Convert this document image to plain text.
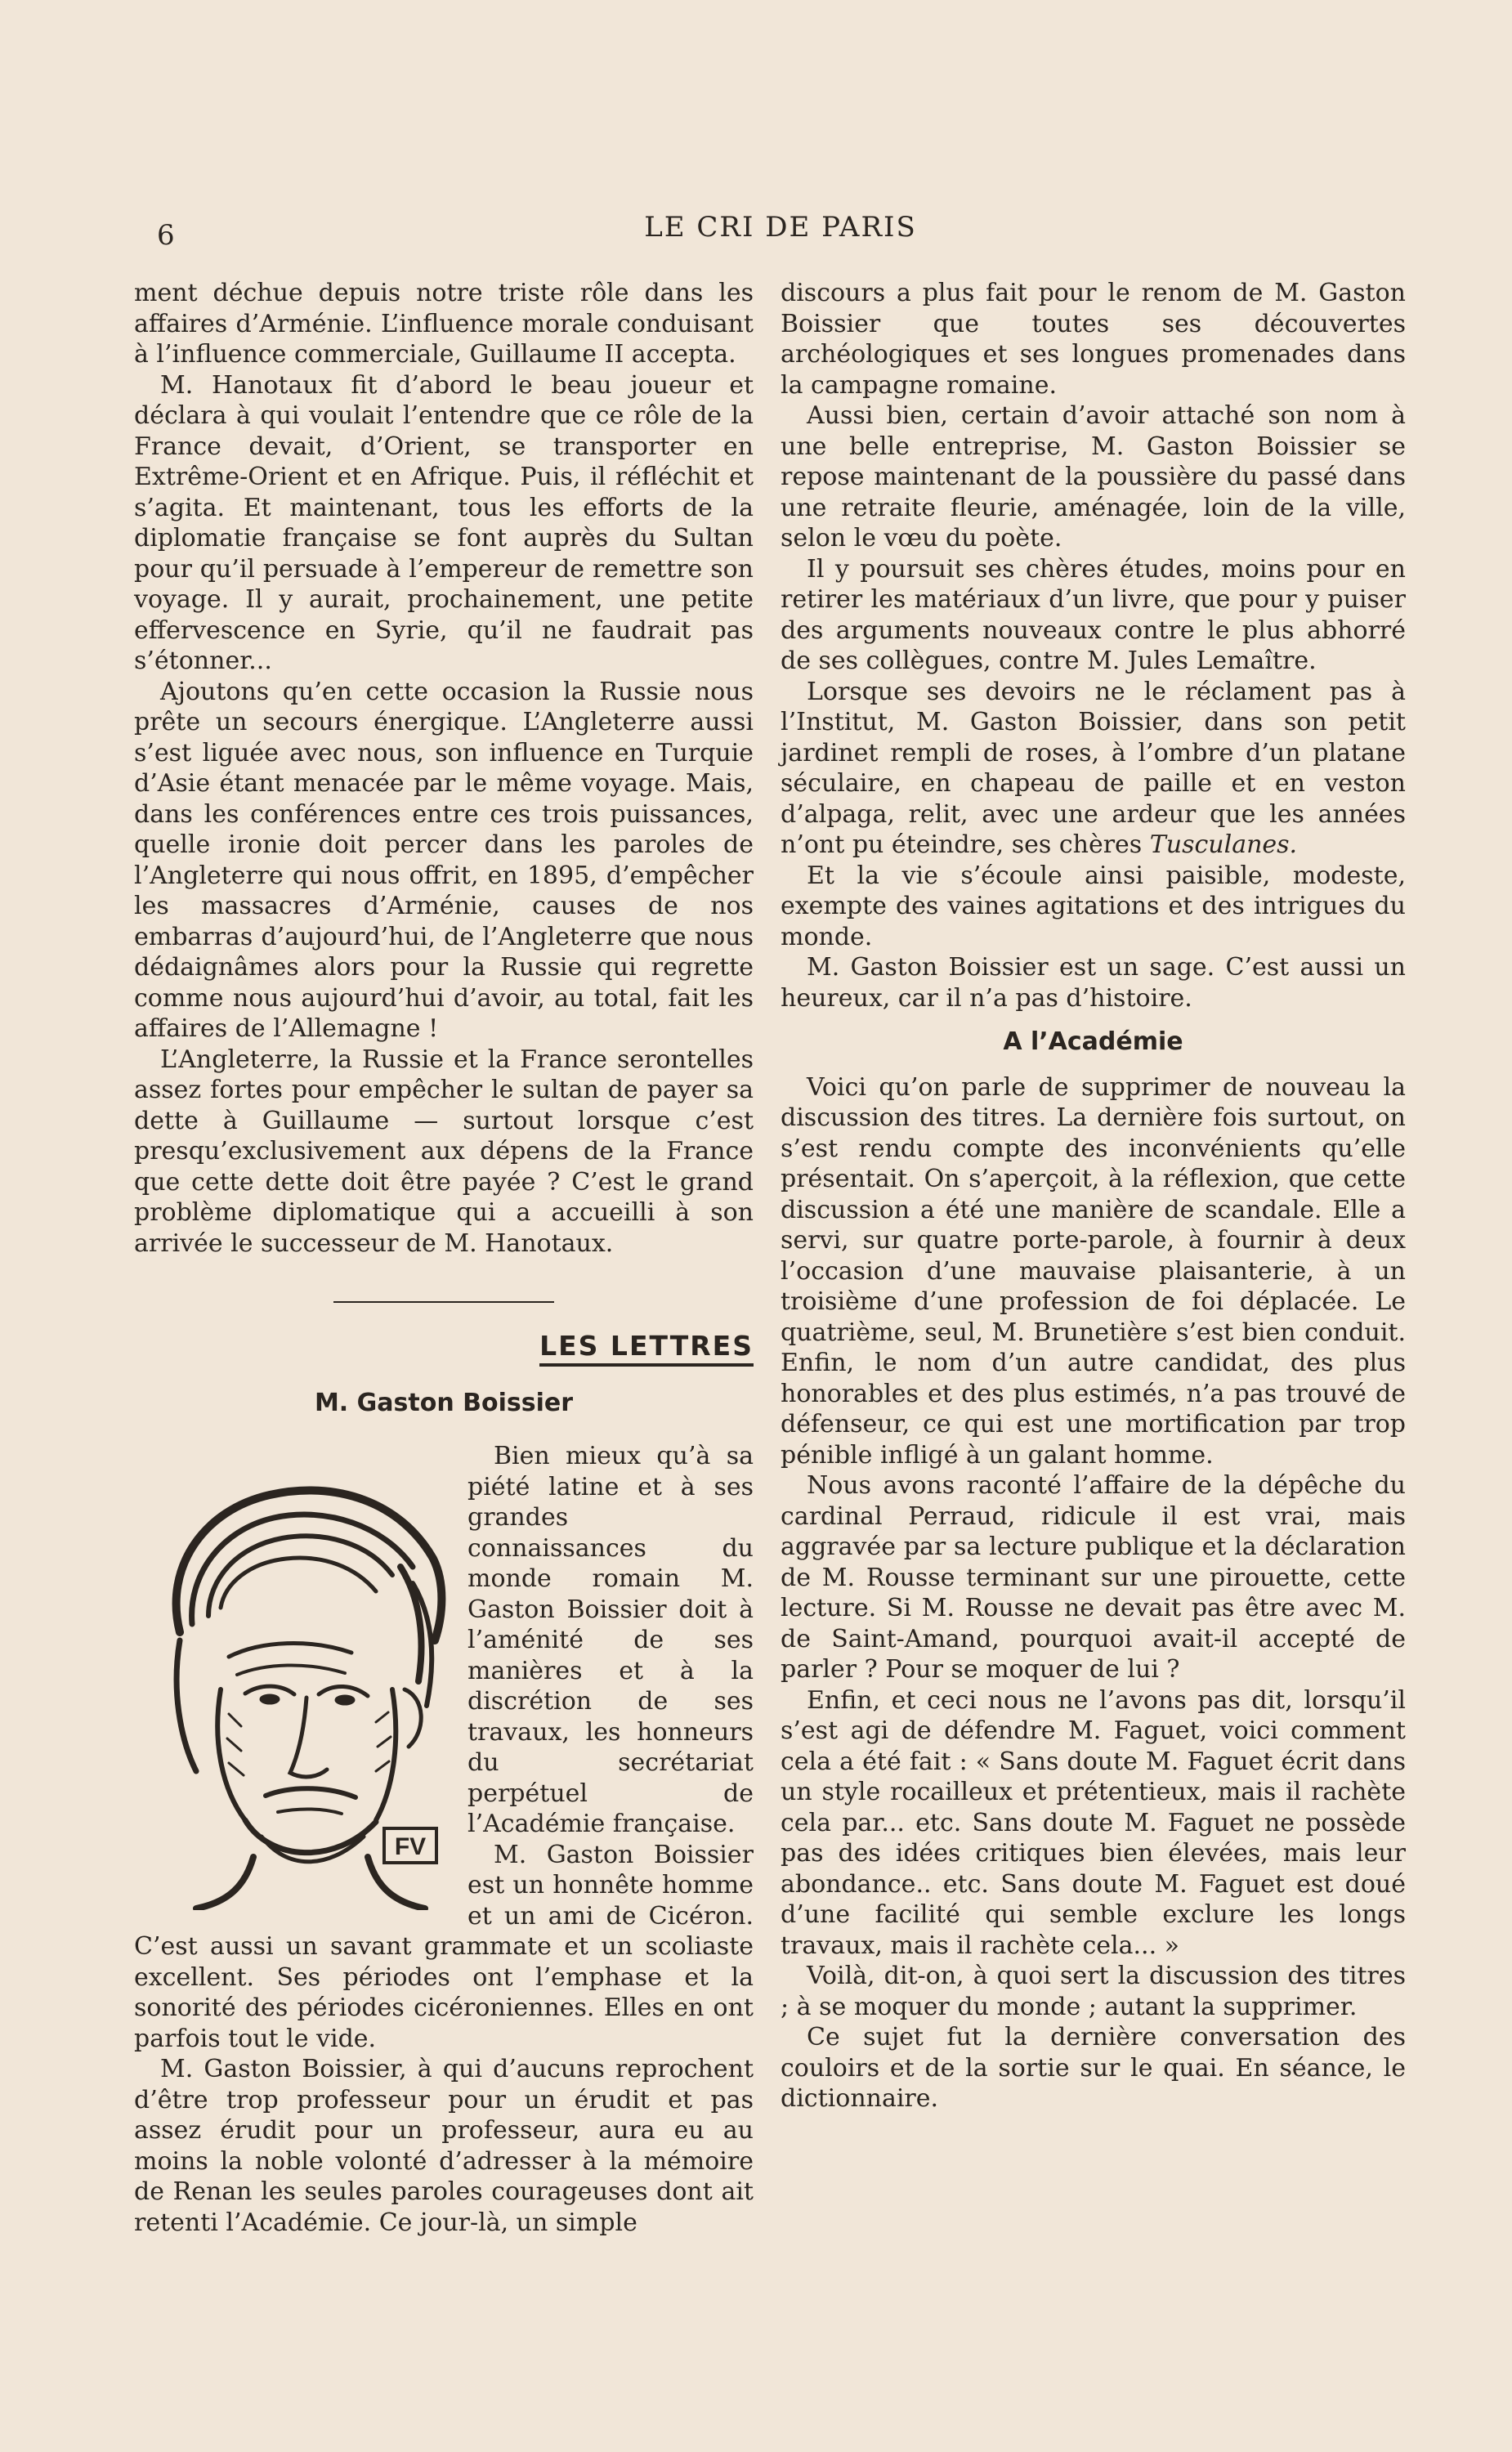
6	LE CRI DE PARIS

ment déchue depuis notre triste rôle dans les affaires d’Arménie. L’influence morale conduisant à l’influence commerciale, Guillaume II accepta.

M. Hanotaux fit d’abord le beau joueur et déclara à qui voulait l’entendre que ce rôle de la France devait, d’Orient, se transporter en Extrême-Orient et en Afrique. Puis, il réfléchit et s’agita. Et maintenant, tous les efforts de la diplomatie française se font auprès du Sultan pour qu’il persuade à l’empereur de remettre son voyage. Il y aurait, prochainement, une petite effervescence en Syrie, qu’il ne faudrait pas s’étonner...

Ajoutons qu’en cette occasion la Russie nous prête un secours énergique. L’Angleterre aussi s’est liguée avec nous, son influence en Turquie d’Asie étant menacée par le même voyage. Mais, dans les conférences entre ces trois puissances, quelle ironie doit percer dans les paroles de l’Angleterre qui nous offrit, en 1895, d’empêcher les massacres d’Arménie, causes de nos embarras d’aujourd’hui, de l’Angleterre que nous dédaignâmes alors pour la Russie qui regrette comme nous aujourd’hui d’avoir, au total, fait les affaires de l’Allemagne !

L’Angleterre, la Russie et la France serontelles assez fortes pour empêcher le sultan de payer sa dette à Guillaume — surtout lorsque c’est presqu’exclusivement aux dépens de la France que cette dette doit être payée ? C’est le grand problème diplomatique qui a accueilli à son arrivée le successeur de M. Hanotaux.

LES LETTRES
M. Gaston Boissier

FV
Bien mieux qu’à sa piété latine et à ses grandes connaissances du monde romain M. Gaston Boissier doit à l’aménité de ses manières et à la discrétion de ses travaux, les honneurs du secrétariat perpétuel de l’Académie française.

M. Gaston Boissier est un honnête homme et un ami de Cicéron. C’est aussi un savant grammate et un scoliaste excellent. Ses périodes ont l’emphase et la sonorité des périodes cicéroniennes. Elles en ont parfois tout le vide.

M. Gaston Boissier, à qui d’aucuns reprochent d’être trop professeur pour un érudit et pas assez érudit pour un professeur, aura eu au moins la noble volonté d’adresser à la mémoire de Renan les seules paroles courageuses dont ait retenti l’Académie. Ce jour-là, un simple

discours a plus fait pour le renom de M. Gaston Boissier que toutes ses découvertes archéologiques et ses longues promenades dans la campagne romaine.

Aussi bien, certain d’avoir attaché son nom à une belle entreprise, M. Gaston Boissier se repose maintenant de la poussière du passé dans une retraite fleurie, aménagée, loin de la ville, selon le vœu du poète.

Il y poursuit ses chères études, moins pour en retirer les matériaux d’un livre, que pour y puiser des arguments nouveaux contre le plus abhorré de ses collègues, contre M. Jules Lemaître.

Lorsque ses devoirs ne le réclament pas à l’Institut, M. Gaston Boissier, dans son petit jardinet rempli de roses, à l’ombre d’un platane séculaire, en chapeau de paille et en veston d’alpaga, relit, avec une ardeur que les années n’ont pu éteindre, ses chères Tusculanes.

Et la vie s’écoule ainsi paisible, modeste, exempte des vaines agitations et des intrigues du monde.

M. Gaston Boissier est un sage. C’est aussi un heureux, car il n’a pas d’histoire.

A l’Académie

Voici qu’on parle de supprimer de nouveau la discussion des titres. La dernière fois surtout, on s’est rendu compte des inconvénients qu’elle présentait. On s’aperçoit, à la réflexion, que cette discussion a été une manière de scandale. Elle a servi, sur quatre porte-parole, à fournir à deux l’occasion d’une mauvaise plaisanterie, à un troisième d’une profession de foi déplacée. Le quatrième, seul, M. Brunetière s’est bien conduit. Enfin, le nom d’un autre candidat, des plus honorables et des plus estimés, n’a pas trouvé de défenseur, ce qui est une mortification par trop pénible infligé à un galant homme.

Nous avons raconté l’affaire de la dépêche du cardinal Perraud, ridicule il est vrai, mais aggravée par sa lecture publique et la déclaration de M. Rousse terminant sur une pirouette, cette lecture. Si M. Rousse ne devait pas être avec M. de Saint-Amand, pourquoi avait-il accepté de parler ? Pour se moquer de lui ?

Enfin, et ceci nous ne l’avons pas dit, lorsqu’il s’est agi de défendre M. Faguet, voici comment cela a été fait : « Sans doute M. Faguet écrit dans un style rocailleux et prétentieux, mais il rachète cela par... etc. Sans doute M. Faguet ne possède pas des idées critiques bien élevées, mais leur abondance.. etc. Sans doute M. Faguet est doué d’une facilité qui semble exclure les longs travaux, mais il rachète cela... »

Voilà, dit-on, à quoi sert la discussion des titres ; à se moquer du monde ; autant la supprimer.

Ce sujet fut la dernière conversation des couloirs et de la sortie sur le quai. En séance, le dictionnaire.
